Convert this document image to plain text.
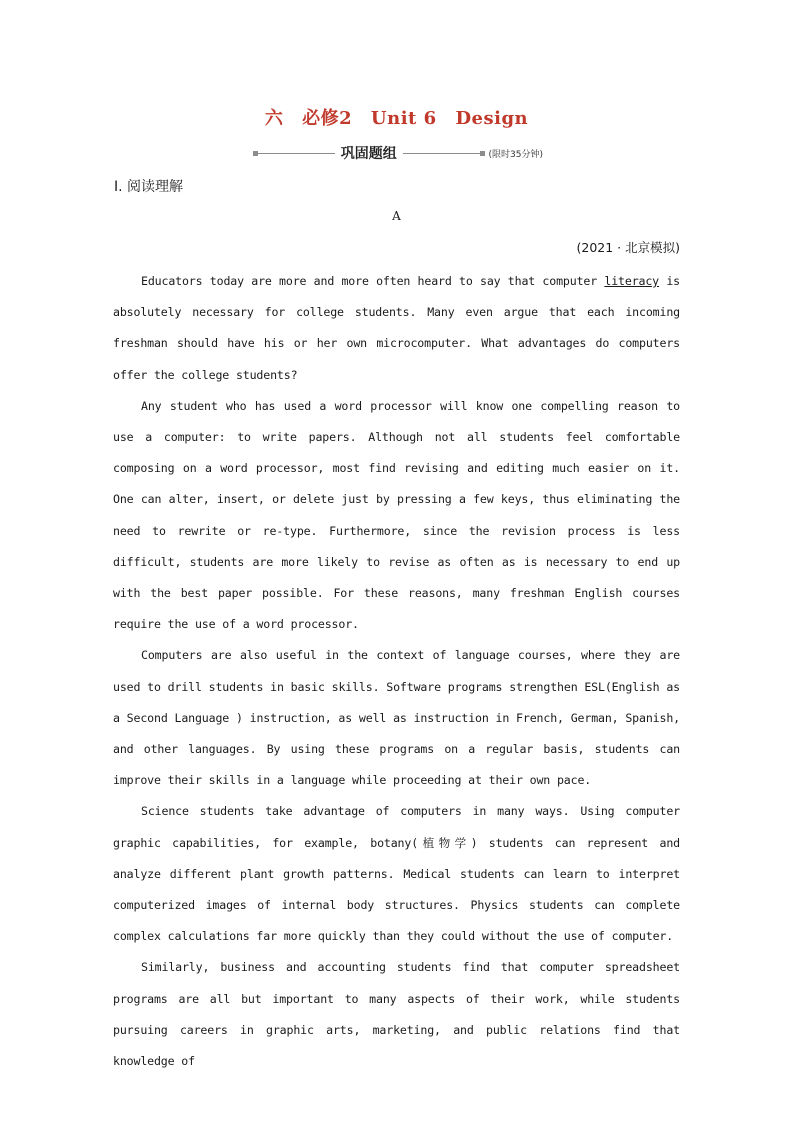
六 必修2 Unit 6 Design
巩固题组	(限时35分钟)
Ⅰ. 阅读理解
A
(2021 · 北京模拟)

Educators today are more and more often heard to say that computer literacy is absolutely necessary for college students. Many even argue that each incoming freshman should have his or her own microcomputer. What advantages do computers offer the college students?

Any student who has used a word processor will know one compelling reason to use a computer: to write papers. Although not all students feel comfortable composing on a word processor, most find revising and editing much easier on it. One can alter, insert, or delete just by pressing a few keys, thus eliminating the need to rewrite or re-type. Furthermore, since the revision process is less difficult, students are more likely to revise as often as is necessary to end up with the best paper possible. For these reasons, many freshman English courses require the use of a word processor.

Computers are also useful in the context of language courses, where they are used to drill students in basic skills. Software programs strengthen ESL(English as a Second Language ) instruction, as well as instruction in French, German, Spanish, and other languages. By using these programs on a regular basis, students can improve their skills in a language while proceeding at their own pace.

Science students take advantage of computers in many ways. Using computer graphic capabilities, for example, botany(植物学) students can represent and analyze different plant growth patterns. Medical students can learn to interpret computerized images of internal body structures. Physics students can complete complex calculations far more quickly than they could without the use of computer.

Similarly, business and accounting students find that computer spreadsheet programs are all but important to many aspects of their work, while students pursuing careers in graphic arts, marketing, and public relations find that knowledge of
